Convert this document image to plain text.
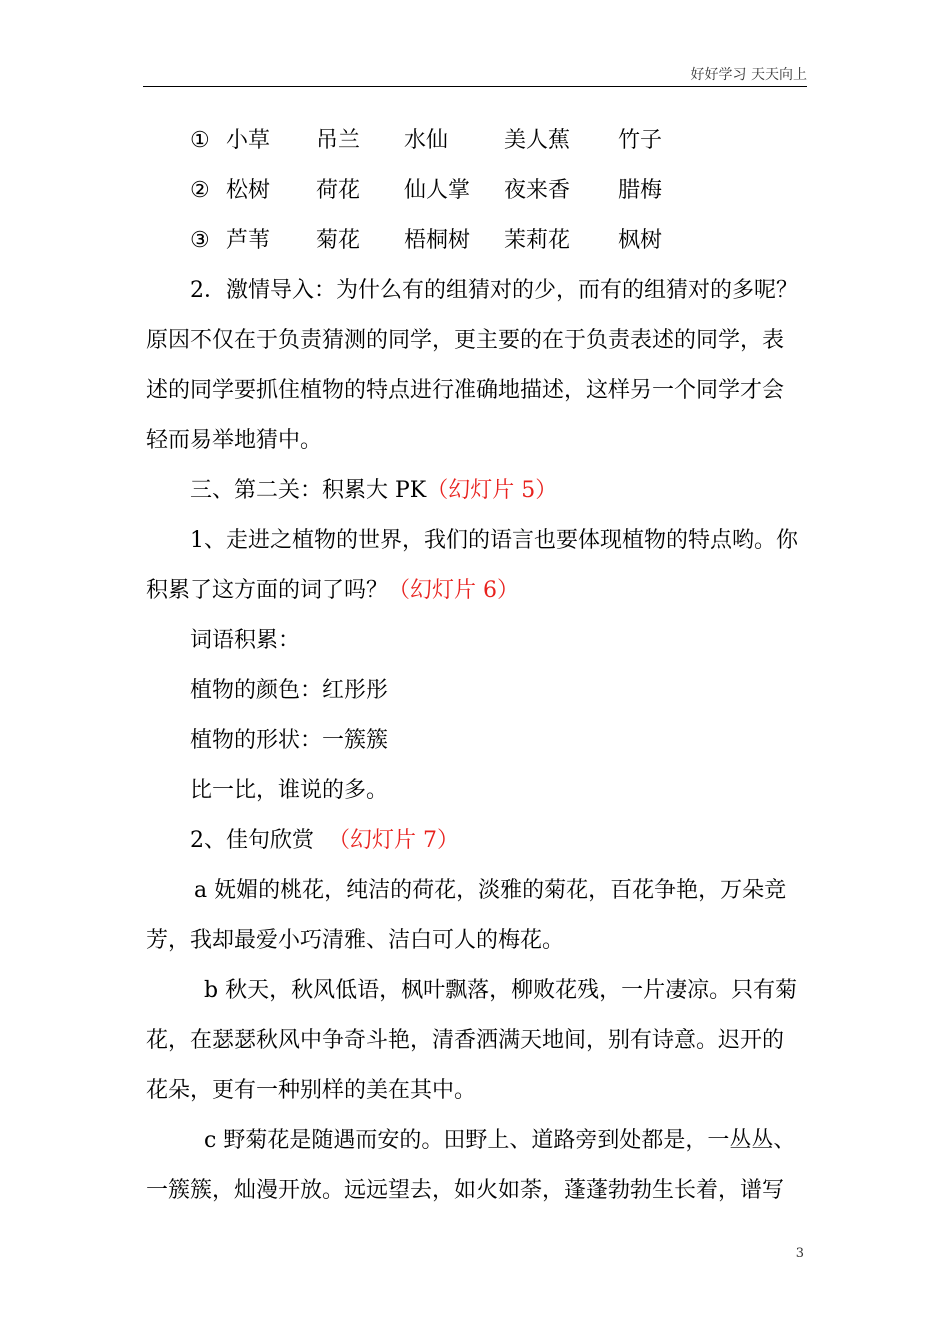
好好学习 天天向上
① 小草 吊兰 水仙	美人蕉 竹子
② 松树 荷花 仙人掌 夜来香 腊梅
③ 芦苇 菊花 梧桐树 茉莉花 枫树
2．激情导入：为什么有的组猜对的少，而有的组猜对的多呢？
原因不仅在于负责猜测的同学，更主要的在于负责表述的同学，表
述的同学要抓住植物的特点进行准确地描述，这样另一个同学才会
轻而易举地猜中。
三、第二关：积累大 PK（幻灯片 5）
1、走进之植物的世界，我们的语言也要体现植物的特点哟。你
积累了这方面的词了吗？（幻灯片 6）
词语积累：
植物的颜色：红彤彤
植物的形状：一簇簇
比一比，谁说的多。
2、佳句欣赏  （幻灯片 7）
a 妩媚的桃花，纯洁的荷花，淡雅的菊花，百花争艳，万朵竞
芳，我却最爱小巧清雅、洁白可人的梅花。
b 秋天，秋风低语，枫叶飘落，柳败花残，一片凄凉。只有菊
花，在瑟瑟秋风中争奇斗艳，清香洒满天地间，别有诗意。迟开的
花朵，更有一种别样的美在其中。
c 野菊花是随遇而安的。田野上、道路旁到处都是，一丛丛、
一簇簇，灿漫开放。远远望去，如火如荼，蓬蓬勃勃生长着，谱写
3
